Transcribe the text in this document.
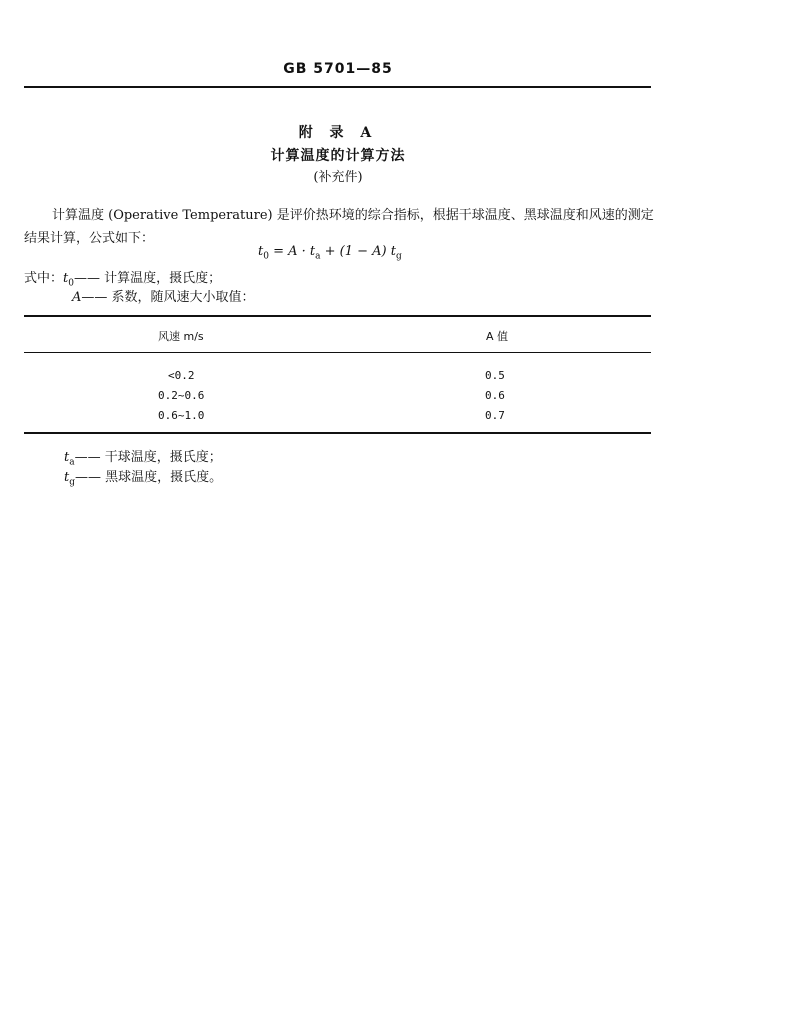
GB 5701—85
附 录 A
计算温度的计算方法
(补充件)
计算温度 (Operative Temperature) 是评价热环境的综合指标，根据干球温度、黑球温度和风速的测定结果计算，公式如下：
$t_0 = A \cdot t_a + (1 - A)$ $t_g$
式中：$t_0——$ 计算温度，摄氏度；
A—— 系数，随风速大小取值：
风速 m/s	A 值
<0.2	0.5
0.2~0.6	0.6
0.6~1.0	0.7
$t_a——$ 干球温度，摄氏度；
$t_g——$ 黑球温度，摄氏度。
